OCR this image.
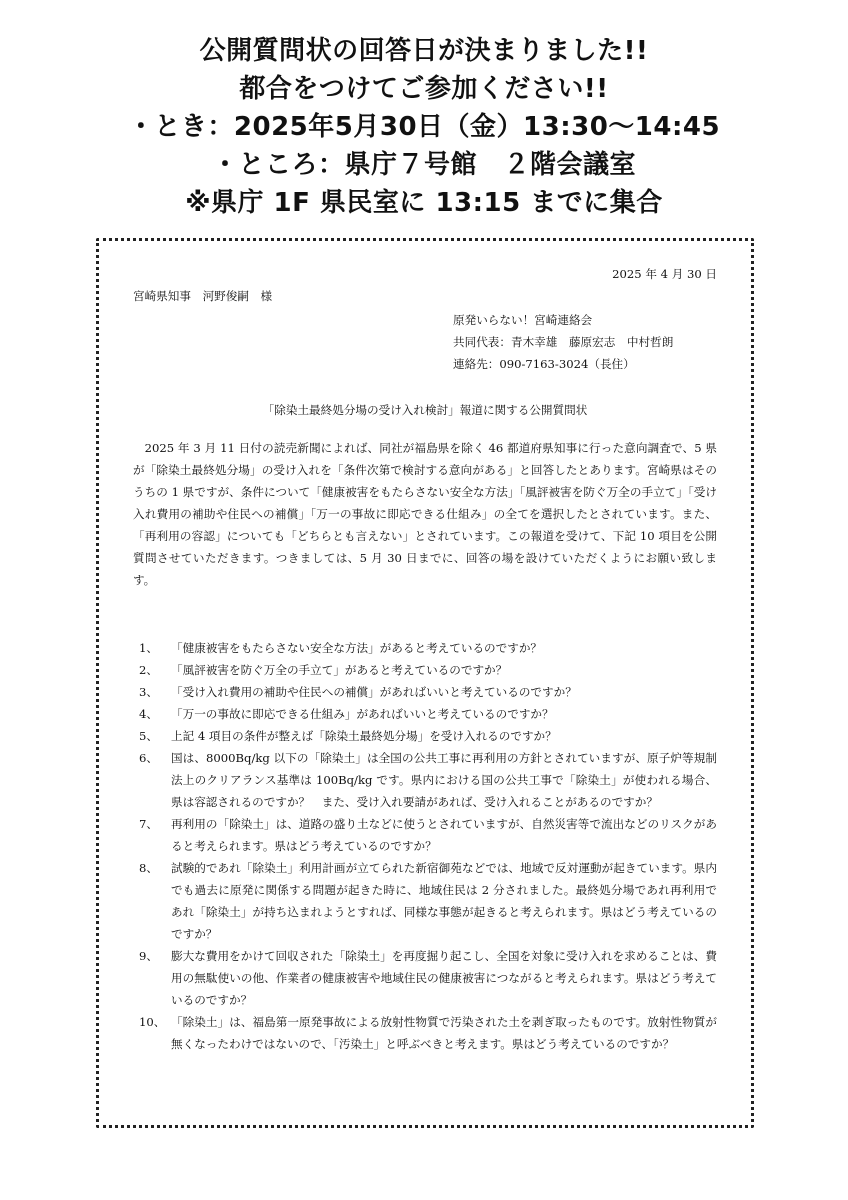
公開質問状の回答日が決まりました!!
都合をつけてご参加ください!!
・とき：2025年5月30日（金）13:30～14:45
・ところ：県庁７号館　２階会議室
※県庁 1F 県民室に 13:15 までに集合
2025 年 4 月 30 日
宮崎県知事　河野俊嗣　様
原発いらない！宮崎連絡会
共同代表：青木幸雄　藤原宏志　中村哲朗
連絡先：090-7163-3024（長住）
「除染土最終処分場の受け入れ検討」報道に関する公開質問状

2025 年 3 月 11 日付の読売新聞によれば、同社が福島県を除く 46 都道府県知事に行った意向調査で、5 県が「除染土最終処分場」の受け入れを「条件次第で検討する意向がある」と回答したとあります。宮崎県はそのうちの 1 県ですが、条件について「健康被害をもたらさない安全な方法」「風評被害を防ぐ万全の手立て」「受け入れ費用の補助や住民への補償」「万一の事故に即応できる仕組み」の全てを選択したとされています。また、「再利用の容認」についても「どちらとも言えない」とされています。この報道を受けて、下記 10 項目を公開質問させていただきます。つきましては、5 月 30 日までに、回答の場を設けていただくようにお願い致します。

1、 「健康被害をもたらさない安全な方法」があると考えているのですか？
2、 「風評被害を防ぐ万全の手立て」があると考えているのですか？
3、 「受け入れ費用の補助や住民への補償」があればいいと考えているのですか？
4、 「万一の事故に即応できる仕組み」があればいいと考えているのですか？
5、 上記 4 項目の条件が整えば「除染土最終処分場」を受け入れるのですか？
6、 国は、8000Bq/kg 以下の「除染土」は全国の公共工事に再利用の方針とされていますが、原子炉等規制法上のクリアランス基準は 100Bq/kg です。県内における国の公共工事で「除染土」が使われる場合、県は容認されるのですか？　また、受け入れ要請があれば、受け入れることがあるのですか？
7、 再利用の「除染土」は、道路の盛り土などに使うとされていますが、自然災害等で流出などのリスクがあると考えられます。県はどう考えているのですか？
8、 試験的であれ「除染土」利用計画が立てられた新宿御苑などでは、地域で反対運動が起きています。県内でも過去に原発に関係する問題が起きた時に、地域住民は 2 分されました。最終処分場であれ再利用であれ「除染土」が持ち込まれようとすれば、同様な事態が起きると考えられます。県はどう考えているのですか？
9、 膨大な費用をかけて回収された「除染土」を再度掘り起こし、全国を対象に受け入れを求めることは、費用の無駄使いの他、作業者の健康被害や地域住民の健康被害につながると考えられます。県はどう考えているのですか？
10、 「除染土」は、福島第一原発事故による放射性物質で汚染された土を剥ぎ取ったものです。放射性物質が無くなったわけではないので、「汚染土」と呼ぶべきと考えます。県はどう考えているのですか？
